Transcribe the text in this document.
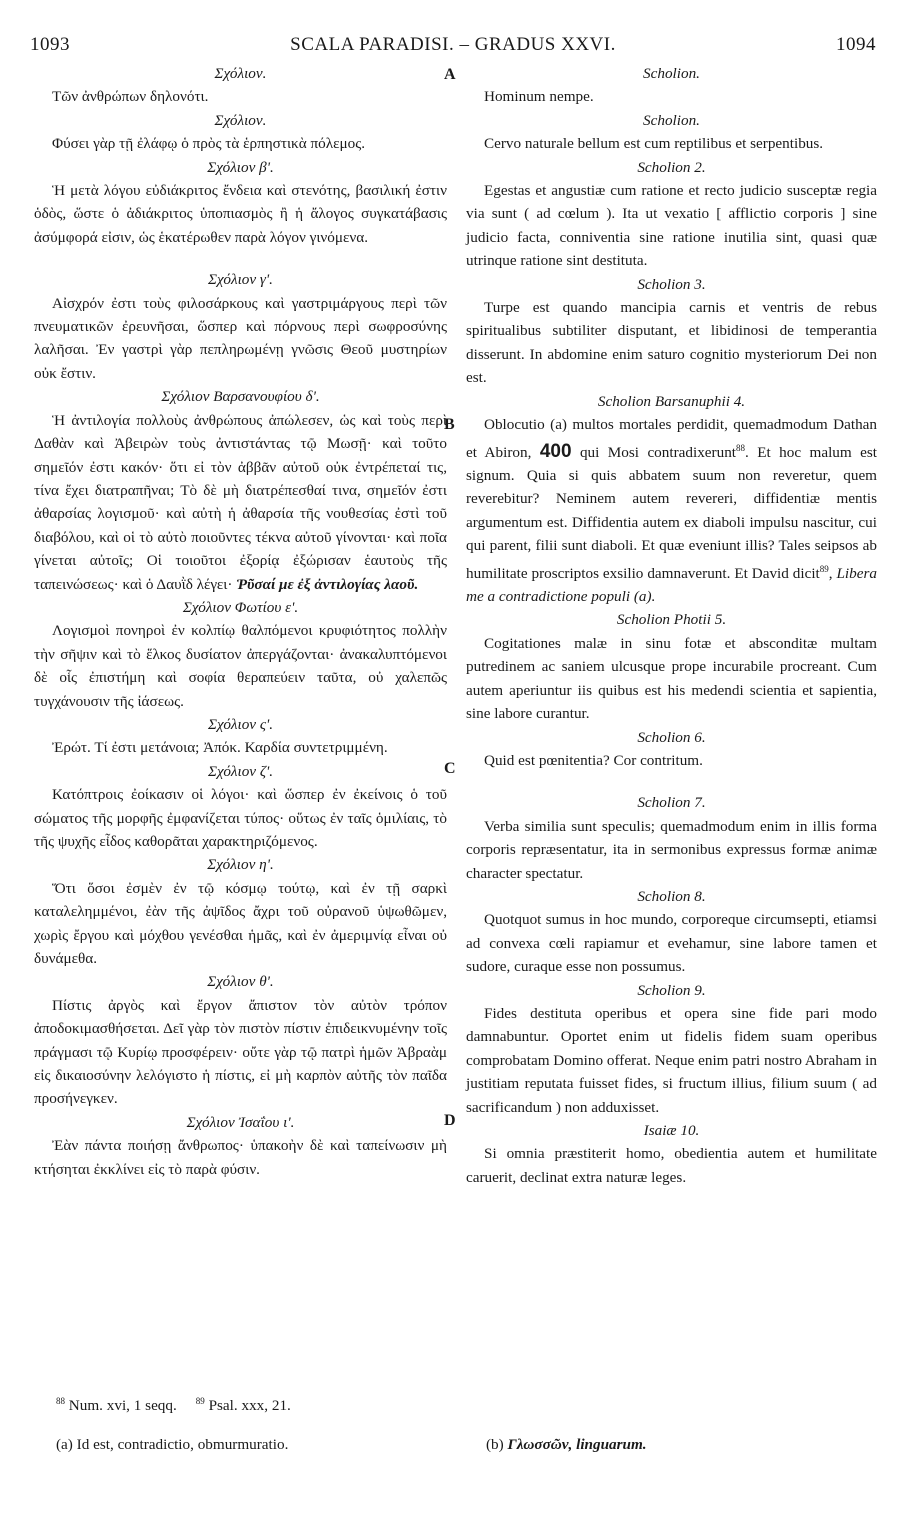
1093	SCALA PARADISI. – GRADUS XXVI.	1094
A
B
C
D
Σχόλιον.
Τῶν ἀνθρώπων δηλονότι.
Σχόλιον.
Φύσει γὰρ τῇ ἐλάφῳ ὁ πρὸς τὰ ἑρπηστικὰ πόλεμος.
Σχόλιον β'.
Ἡ μετὰ λόγου εὐδιάκριτος ἔνδεια καὶ στενότης, βασιλική ἐστιν ὁδὸς, ὥστε ὁ ἀδιάκριτος ὑποπιασμὸς ἢ ἡ ἄλογος συγκατάβασις ἀσύμφορά εἰσιν, ὡς ἑκατέρωθεν παρὰ λόγον γινόμενα.
Σχόλιον γ'.
Αἰσχρόν ἐστι τοὺς φιλοσάρκους καὶ γαστριμάργους περὶ τῶν πνευματικῶν ἐρευνῆσαι, ὥσπερ καὶ πόρνους περὶ σωφροσύνης λαλῆσαι. Ἐν γαστρὶ γὰρ πεπληρωμένῃ γνῶσις Θεοῦ μυστηρίων οὐκ ἔστιν.
Σχόλιον Βαρσανουφίου δ'.
Ἡ ἀντιλογία πολλοὺς ἀνθρώπους ἀπώλεσεν, ὡς καὶ τοὺς περὶ Δαθὰν καὶ Ἀβειρὼν τοὺς ἀντιστάντας τῷ Μωσῇ· καὶ τοῦτο σημεῖόν ἐστι κακόν· ὅτι εἰ τὸν ἀββᾶν αὐτοῦ οὐκ ἐντρέπεταί τις, τίνα ἔχει διατραπῆναι; Τὸ δὲ μὴ διατρέπεσθαί τινα, σημεῖόν ἐστι ἀθαρσίας λογισμοῦ· καὶ αὐτὴ ἡ ἀθαρσία τῆς νουθεσίας ἐστὶ τοῦ διαβόλου, καὶ οἱ τὸ αὐτὸ ποιοῦντες τέκνα αὐτοῦ γίνονται· καὶ ποῖα γίνεται αὐτοῖς; Οἱ τοιοῦτοι ἐξορίᾳ ἐξώρισαν ἑαυτοὺς τῆς ταπεινώσεως· καὶ ὁ Δαυῒδ λέγει· Ῥῦσαί με ἐξ ἀντιλογίας λαοῦ.
Σχόλιον Φωτίου ε'.
Λογισμοὶ πονηροὶ ἐν κολπίῳ θαλπόμενοι κρυφιότητος πολλὴν τὴν σῆψιν καὶ τὸ ἕλκος δυσίατον ἀπεργάζονται· ἀνακαλυπτόμενοι δὲ οἷς ἐπιστήμη καὶ σοφία θεραπεύειν ταῦτα, οὐ χαλεπῶς τυγχάνουσιν τῆς ἰάσεως.
Σχόλιον ς'.
Ἐρώτ. Τί ἐστι μετάνοια; Ἀπόκ. Καρδία συντετριμμένη.
Σχόλιον ζ'.
Κατόπτροις ἐοίκασιν οἱ λόγοι· καὶ ὥσπερ ἐν ἐκείνοις ὁ τοῦ σώματος τῆς μορφῆς ἐμφανίζεται τύπος· οὕτως ἐν ταῖς ὁμιλίαις, τὸ τῆς ψυχῆς εἶδος καθορᾶται χαρακτηριζόμενος.
Σχόλιον η'.
Ὅτι ὅσοι ἐσμὲν ἐν τῷ κόσμῳ τούτῳ, καὶ ἐν τῇ σαρκὶ καταλελημμένοι, ἐὰν τῆς ἀψῖδος ἄχρι τοῦ οὐρανοῦ ὑψωθῶμεν, χωρὶς ἔργου καὶ μόχθου γενέσθαι ἡμᾶς, καὶ ἐν ἀμεριμνίᾳ εἶναι οὐ δυνάμεθα.
Σχόλιον θ'.
Πίστις ἀργὸς καὶ ἔργον ἄπιστον τὸν αὐτὸν τρόπον ἀποδοκιμασθήσεται. Δεῖ γὰρ τὸν πιστὸν πίστιν ἐπιδεικνυμένην τοῖς πράγμασι τῷ Κυρίῳ προσφέρειν· οὔτε γὰρ τῷ πατρὶ ἡμῶν Ἀβραὰμ εἰς δικαιοσύνην λελόγιστο ἡ πίστις, εἰ μὴ καρπὸν αὐτῆς τὸν παῖδα προσήνεγκεν.
Σχόλιον Ἰσαΐου ι'.
Ἐὰν πάντα ποιήσῃ ἄνθρωπος· ὑπακοὴν δὲ καὶ ταπείνωσιν μὴ κτήσηται ἐκκλίνει εἰς τὸ παρὰ φύσιν.
Scholion.
Hominum nempe.
Scholion.
Cervo naturale bellum est cum reptilibus et serpentibus.
Scholion 2.
Egestas et angustiæ cum ratione et recto judicio susceptæ regia via sunt ( ad cœlum ). Ita ut vexatio [ afflictio corporis ] sine judicio facta, conniventia sine ratione inutilia sint, quasi quæ utrinque ratione sint destituta.
Scholion 3.
Turpe est quando mancipia carnis et ventris de rebus spiritualibus subtiliter disputant, et libidinosi de temperantia disserunt. In abdomine enim saturo cognitio mysteriorum Dei non est.
Scholion Barsanuphii 4.
Oblocutio (a) multos mortales perdidit, quemadmodum Dathan et Abiron, 400 qui Mosi contradixerunt$^{88}$. Et hoc malum est signum. Quia si quis abbatem suum non reveretur, quem reverebitur? Neminem autem revereri, diffidentiæ mentis argumentum est. Diffidentia autem ex diaboli impulsu nascitur, cui qui parent, filii sunt diaboli. Et quæ eveniunt illis? Tales seipsos ab humilitate proscriptos exsilio damnaverunt. Et David dicit$^{89}$, Libera me a contradictione populi (a).
Scholion Photii 5.
Cogitationes malæ in sinu fotæ et absconditæ multam putredinem ac saniem ulcusque prope incurabile procreant. Cum autem aperiuntur iis quibus est his medendi scientia et sapientia, sine labore curantur.
Scholion 6.
Quid est pœnitentia? Cor contritum.
Scholion 7.
Verba similia sunt speculis; quemadmodum enim in illis forma corporis repræsentatur, ita in sermonibus expressus formæ animæ character spectatur.
Scholion 8.
Quotquot sumus in hoc mundo, corporeque circumsepti, etiamsi ad convexa cœli rapiamur et evehamur, sine labore tamen et sudore, curaque esse non possumus.
Scholion 9.
Fides destituta operibus et opera sine fide pari modo damnabuntur. Oportet enim ut fidelis fidem suam operibus comprobatam Domino offerat. Neque enim patri nostro Abraham in justitiam reputata fuisset fides, si fructum illius, filium suum ( ad sacrificandum ) non adduxisset.
Isaiæ 10.
Si omnia præstiterit homo, obedientia autem et humilitate caruerit, declinat extra naturæ leges.
$^{88}$ Num. xvi, 1 seqq. $^{89}$ Psal. xxx, 21.
(a) Id est, contradictio, obmurmuratio.	(b) Γλωσσῶν, linguarum.
